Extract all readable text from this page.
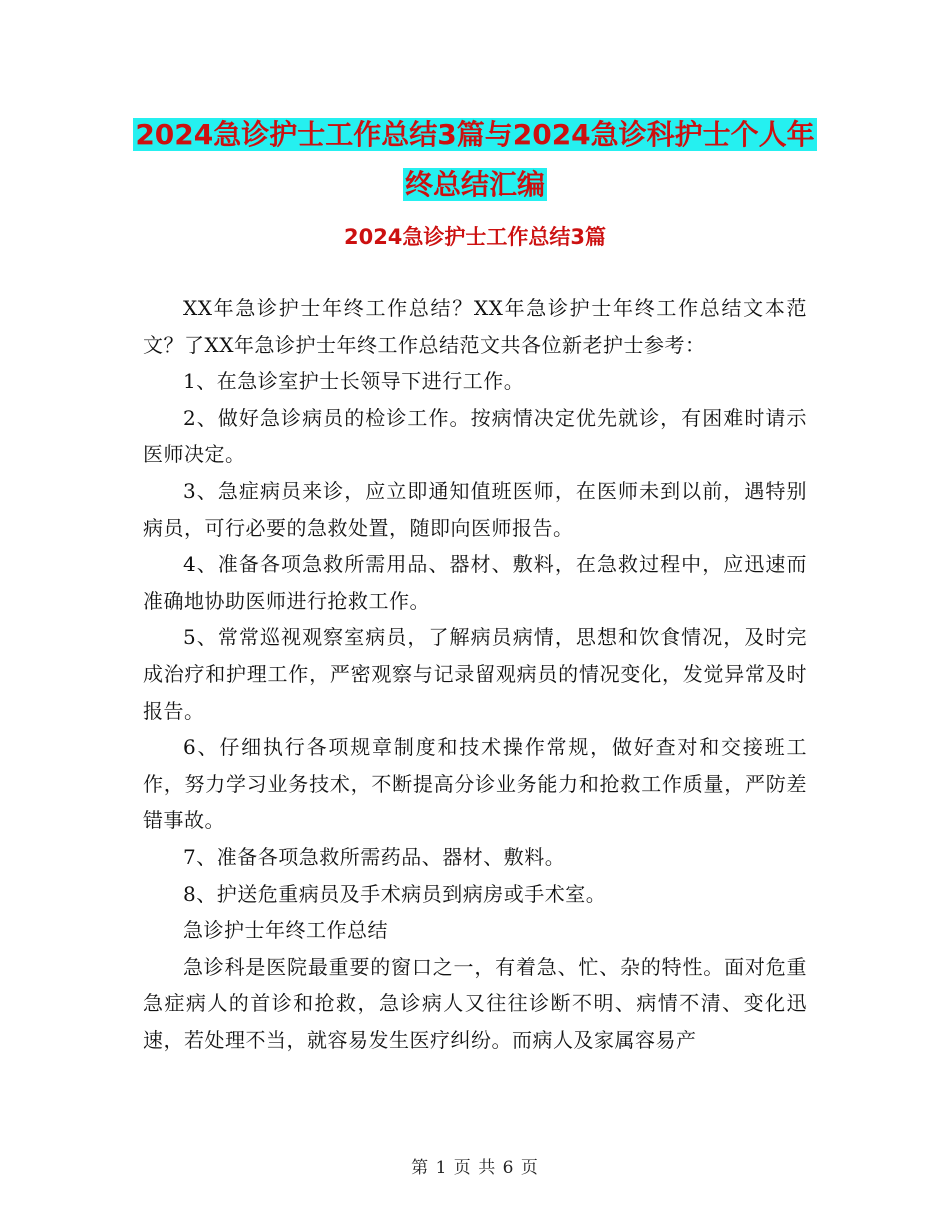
2024急诊护士工作总结3篇与2024急诊科护士个人年
终总结汇编
2024急诊护士工作总结3篇

XX年急诊护士年终工作总结？XX年急诊护士年终工作总结文本范文？了XX年急诊护士年终工作总结范文共各位新老护士参考：

1、在急诊室护士长领导下进行工作。

2、做好急诊病员的检诊工作。按病情决定优先就诊，有困难时请示医师决定。

3、急症病员来诊，应立即通知值班医师，在医师未到以前，遇特别病员，可行必要的急救处置，随即向医师报告。

4、准备各项急救所需用品、器材、敷料，在急救过程中，应迅速而准确地协助医师进行抢救工作。

5、常常巡视观察室病员，了解病员病情，思想和饮食情况，及时完成治疗和护理工作，严密观察与记录留观病员的情况变化，发觉异常及时报告。

6、仔细执行各项规章制度和技术操作常规，做好查对和交接班工作，努力学习业务技术，不断提高分诊业务能力和抢救工作质量，严防差错事故。

7、准备各项急救所需药品、器材、敷料。

8、护送危重病员及手术病员到病房或手术室。

急诊护士年终工作总结

急诊科是医院最重要的窗口之一，有着急、忙、杂的特性。面对危重急症病人的首诊和抢救，急诊病人又往往诊断不明、病情不清、变化迅速，若处理不当，就容易发生医疗纠纷。而病人及家属容易产

第 1 页 共 6 页
